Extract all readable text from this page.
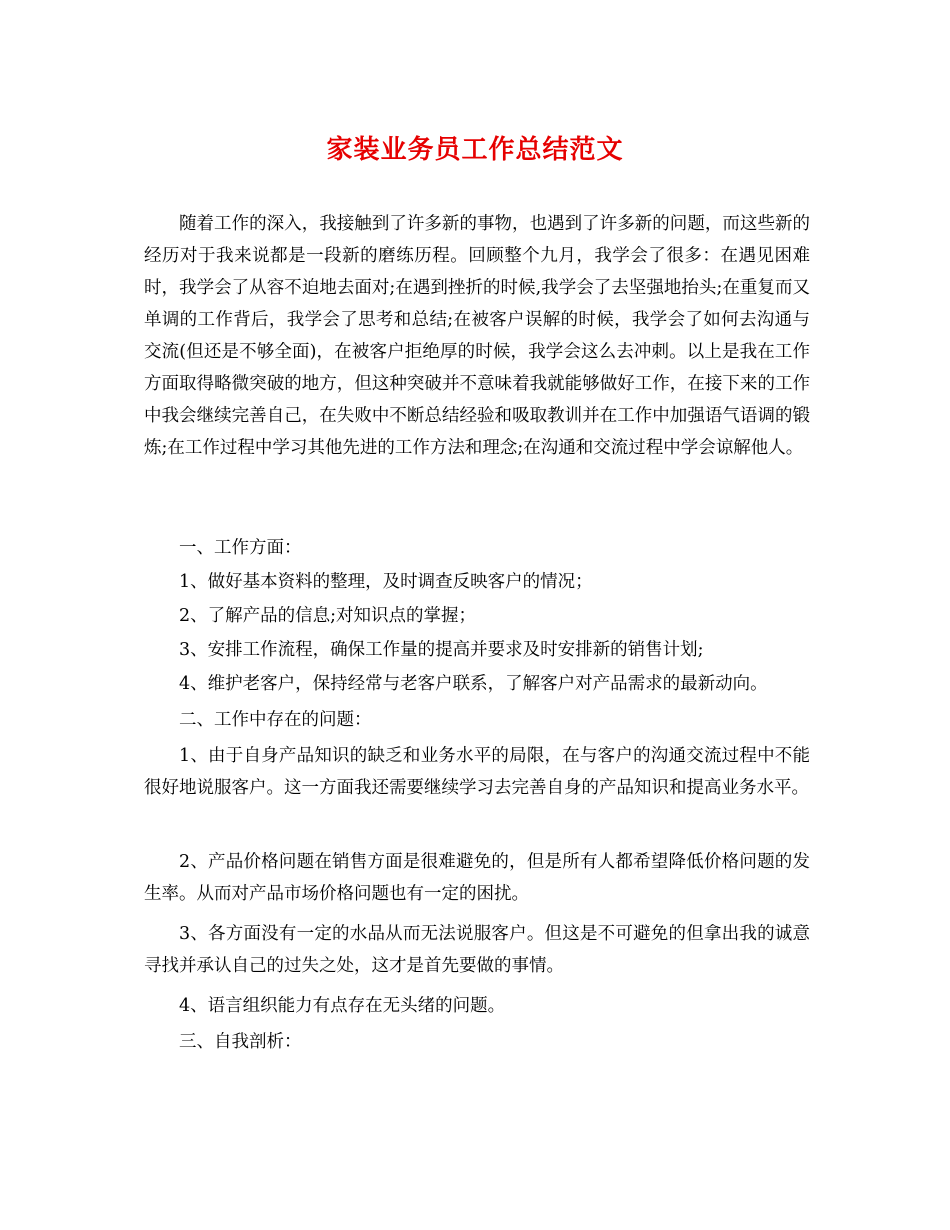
家装业务员工作总结范文

随着工作的深入，我接触到了许多新的事物，也遇到了许多新的问题，而这些新的经历对于我来说都是一段新的磨练历程。回顾整个九月，我学会了很多：在遇见困难时，我学会了从容不迫地去面对;在遇到挫折的时候,我学会了去坚强地抬头;在重复而又单调的工作背后，我学会了思考和总结;在被客户误解的时候，我学会了如何去沟通与交流(但还是不够全面)，在被客户拒绝厚的时候，我学会这么去冲刺。以上是我在工作方面取得略微突破的地方，但这种突破并不意味着我就能够做好工作，在接下来的工作中我会继续完善自己，在失败中不断总结经验和吸取教训并在工作中加强语气语调的锻炼;在工作过程中学习其他先进的工作方法和理念;在沟通和交流过程中学会谅解他人。

一、工作方面：

1、做好基本资料的整理，及时调查反映客户的情况；

2、了解产品的信息;对知识点的掌握；

3、安排工作流程，确保工作量的提高并要求及时安排新的销售计划;

4、维护老客户，保持经常与老客户联系，了解客户对产品需求的最新动向。

二、工作中存在的问题：

1、由于自身产品知识的缺乏和业务水平的局限，在与客户的沟通交流过程中不能很好地说服客户。这一方面我还需要继续学习去完善自身的产品知识和提高业务水平。

2、产品价格问题在销售方面是很难避免的，但是所有人都希望降低价格问题的发生率。从而对产品市场价格问题也有一定的困扰。

3、各方面没有一定的水品从而无法说服客户。但这是不可避免的但拿出我的诚意寻找并承认自己的过失之处，这才是首先要做的事情。

4、语言组织能力有点存在无头绪的问题。

三、自我剖析：
